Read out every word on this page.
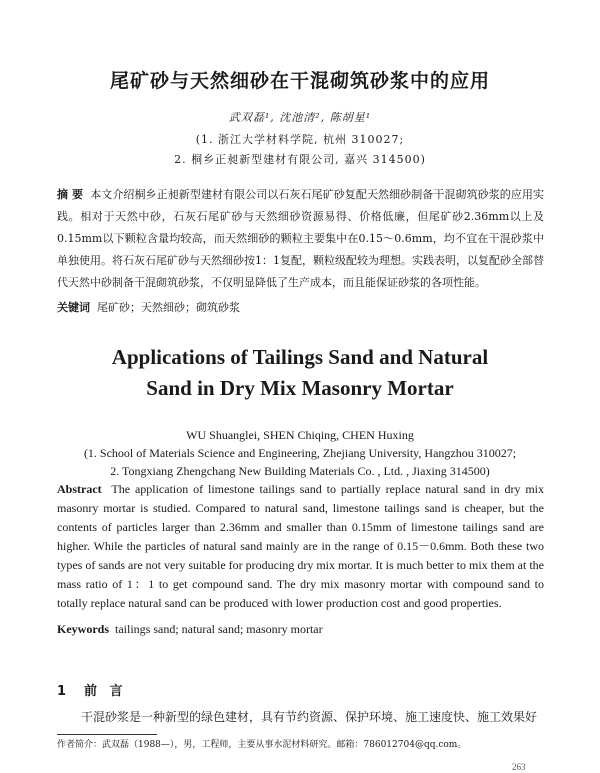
尾矿砂与天然细砂在干混砌筑砂浆中的应用
武双磊¹, 沈池清², 陈胡星¹
(1. 浙江大学材料学院, 杭州 310027;
2. 桐乡正昶新型建材有限公司, 嘉兴 314500)
摘 要 本文介绍桐乡正昶新型建材有限公司以石灰石尾矿砂复配天然细砂制备干混砌筑砂浆的应用实践。相对于天然中砂，石灰石尾矿砂与天然细砂资源易得、价格低廉，但尾矿砂2.36mm以上及0.15mm以下颗粒含量均较高，而天然细砂的颗粒主要集中在0.15～0.6mm，均不宜在干混砂浆中单独使用。将石灰石尾矿砂与天然细砂按1：1复配，颗粒级配较为理想。实践表明，以复配砂全部替代天然中砂制备干混砌筑砂浆，不仅明显降低了生产成本，而且能保证砂浆的各项性能。
关键词 尾矿砂；天然细砂；砌筑砂浆
Applications of Tailings Sand and Natural
Sand in Dry Mix Masonry Mortar
WU Shuanglei, SHEN Chiqing, CHEN Huxing
(1. School of Materials Science and Engineering, Zhejiang University, Hangzhou 310027;
2. Tongxiang Zhengchang New Building Materials Co. , Ltd. , Jiaxing 314500)
Abstract The application of limestone tailings sand to partially replace natural sand in dry mix masonry mortar is studied. Compared to natural sand, limestone tailings sand is cheaper, but the contents of particles larger than 2.36mm and smaller than 0.15mm of limestone tailings sand are higher. While the particles of natural sand mainly are in the range of 0.15－0.6mm. Both these two types of sands are not very suitable for producing dry mix mortar. It is much better to mix them at the mass ratio of 1：1 to get compound sand. The dry mix masonry mortar with compound sand to totally replace natural sand can be produced with lower production cost and good properties.
Keywords tailings sand; natural sand; masonry mortar
1 前 言
干混砂浆是一种新型的绿色建材，具有节约资源、保护环境、施工速度快、施工效果好
作者简介：武双磊（1988—），男，工程师，主要从事水泥材料研究。邮箱：786012704@qq.com。
263
